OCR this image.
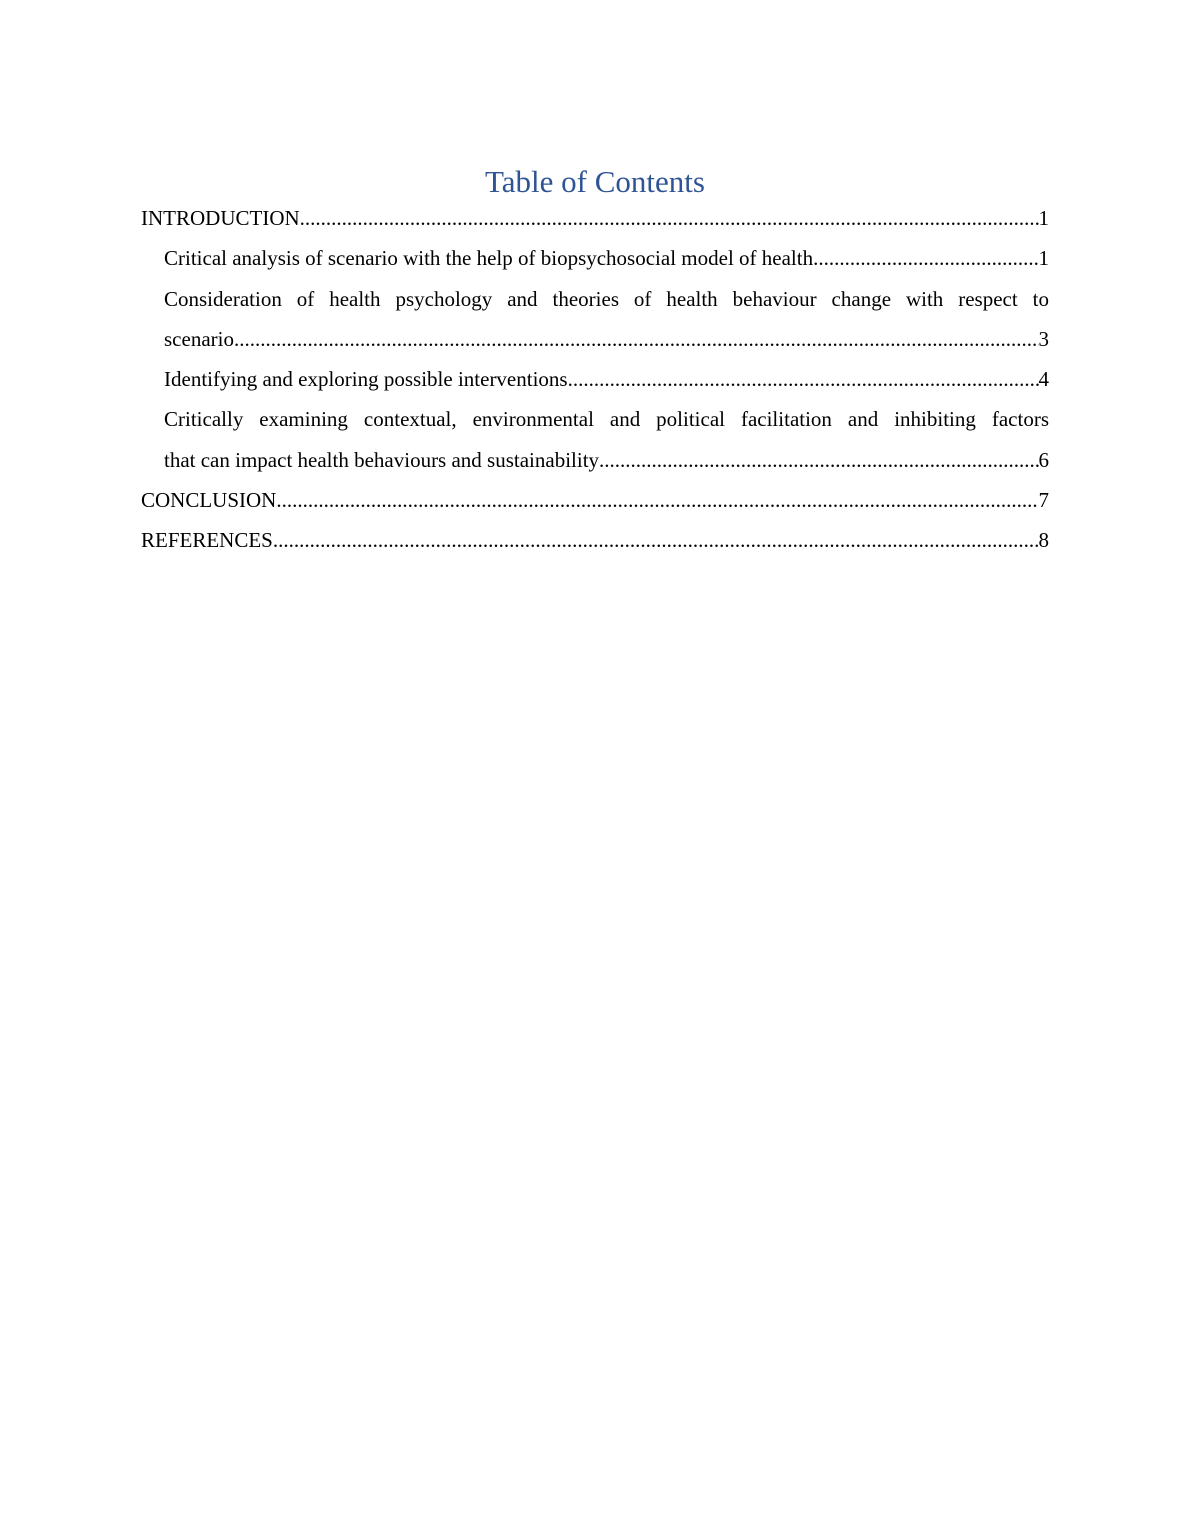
Table of Contents
INTRODUCTION .....	1
Critical analysis of scenario with the help of biopsychosocial model of health .....	1
Consideration of health psychology and theories of health behaviour change with respect to
scenario .....	3
Identifying and exploring possible interventions .....	4
Critically examining contextual, environmental and political facilitation and inhibiting factors
that can impact health behaviours and sustainability .....	6
CONCLUSION .....	7
REFERENCES .....	8
